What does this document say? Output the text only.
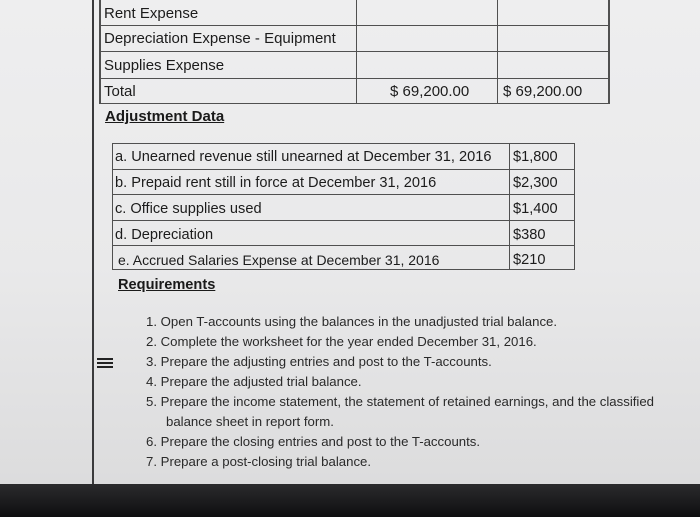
Rent Expense
Depreciation Expense - Equipment
Supplies Expense
Total	$ 69,200.00 $ 69,200.00
Adjustment Data
a. Unearned revenue still unearned at December 31, 2016 $1,800
b. Prepaid rent still in force at December 31, 2016	$2,300
c. Office supplies used	$1,400
d. Depreciation	$380
e. Accrued Salaries Expense at December 31, 2016	$210
Requirements
1. Open T-accounts using the balances in the unadjusted trial balance.
2. Complete the worksheet for the year ended December 31, 2016.
3. Prepare the adjusting entries and post to the T-accounts.
4. Prepare the adjusted trial balance.
5. Prepare the income statement, the statement of retained earnings, and the classified
balance sheet in report form.
6. Prepare the closing entries and post to the T-accounts.
7. Prepare a post-closing trial balance.
